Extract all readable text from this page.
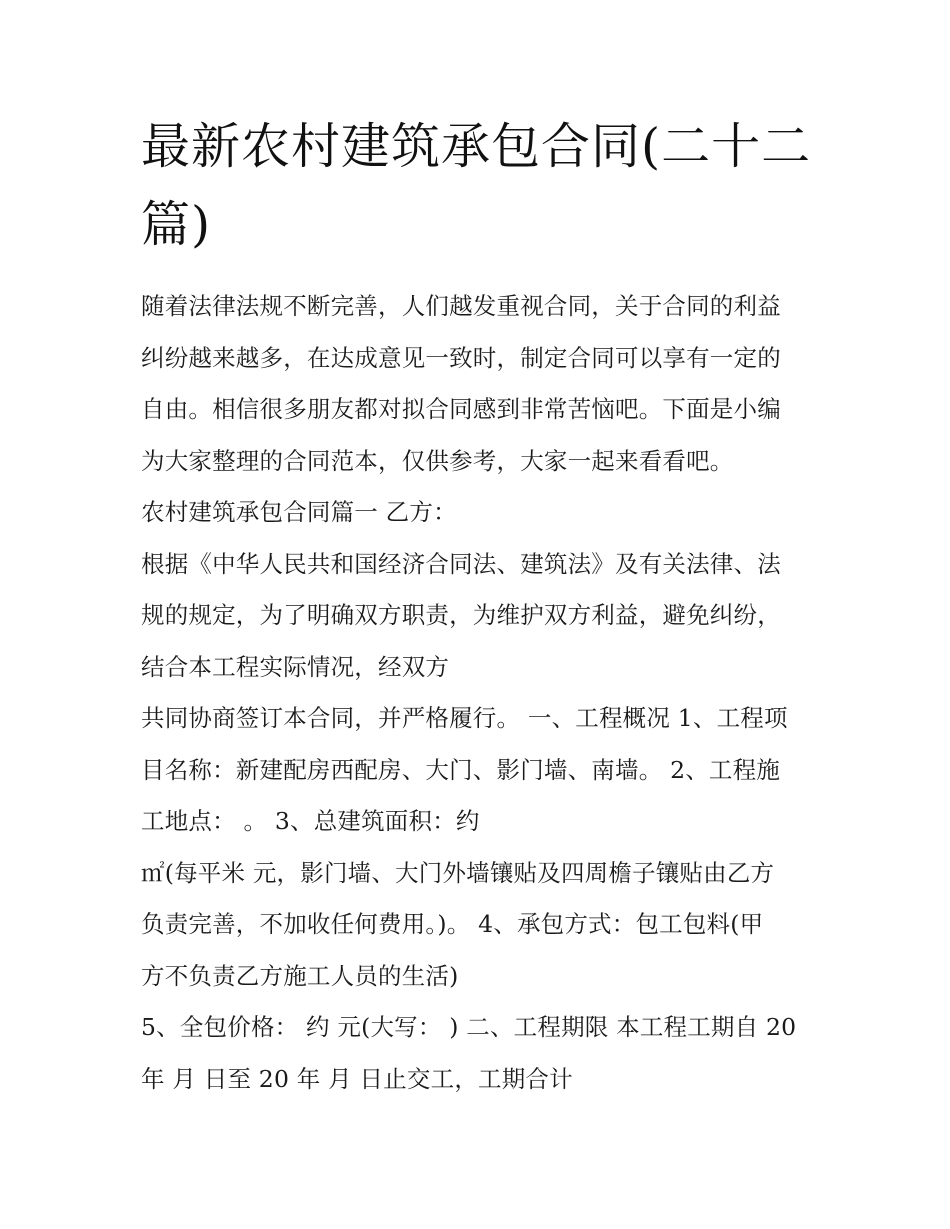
最新农村建筑承包合同(二十二
篇)

随着法律法规不断完善，人们越发重视合同，关于合同的利益

纠纷越来越多，在达成意见一致时，制定合同可以享有一定的

自由。相信很多朋友都对拟合同感到非常苦恼吧。下面是小编

为大家整理的合同范本，仅供参考，大家一起来看看吧。

农村建筑承包合同篇一 乙方：

根据《中华人民共和国经济合同法、建筑法》及有关法律、法

规的规定，为了明确双方职责，为维护双方利益，避免纠纷，

结合本工程实际情况，经双方

共同协商签订本合同，并严格履行。 一、工程概况 1、工程项

目名称：新建配房西配房、大门、影门墙、南墙。 2、工程施

工地点： 。 3、总建筑面积：约

㎡(每平米 元，影门墙、大门外墙镶贴及四周檐子镶贴由乙方

负责完善，不加收任何费用。)。 4、承包方式：包工包料(甲

方不负责乙方施工人员的生活)

5、全包价格： 约 元(大写： ) 二、工程期限 本工程工期自 20

年 月 日至 20 年 月 日止交工，工期合计
